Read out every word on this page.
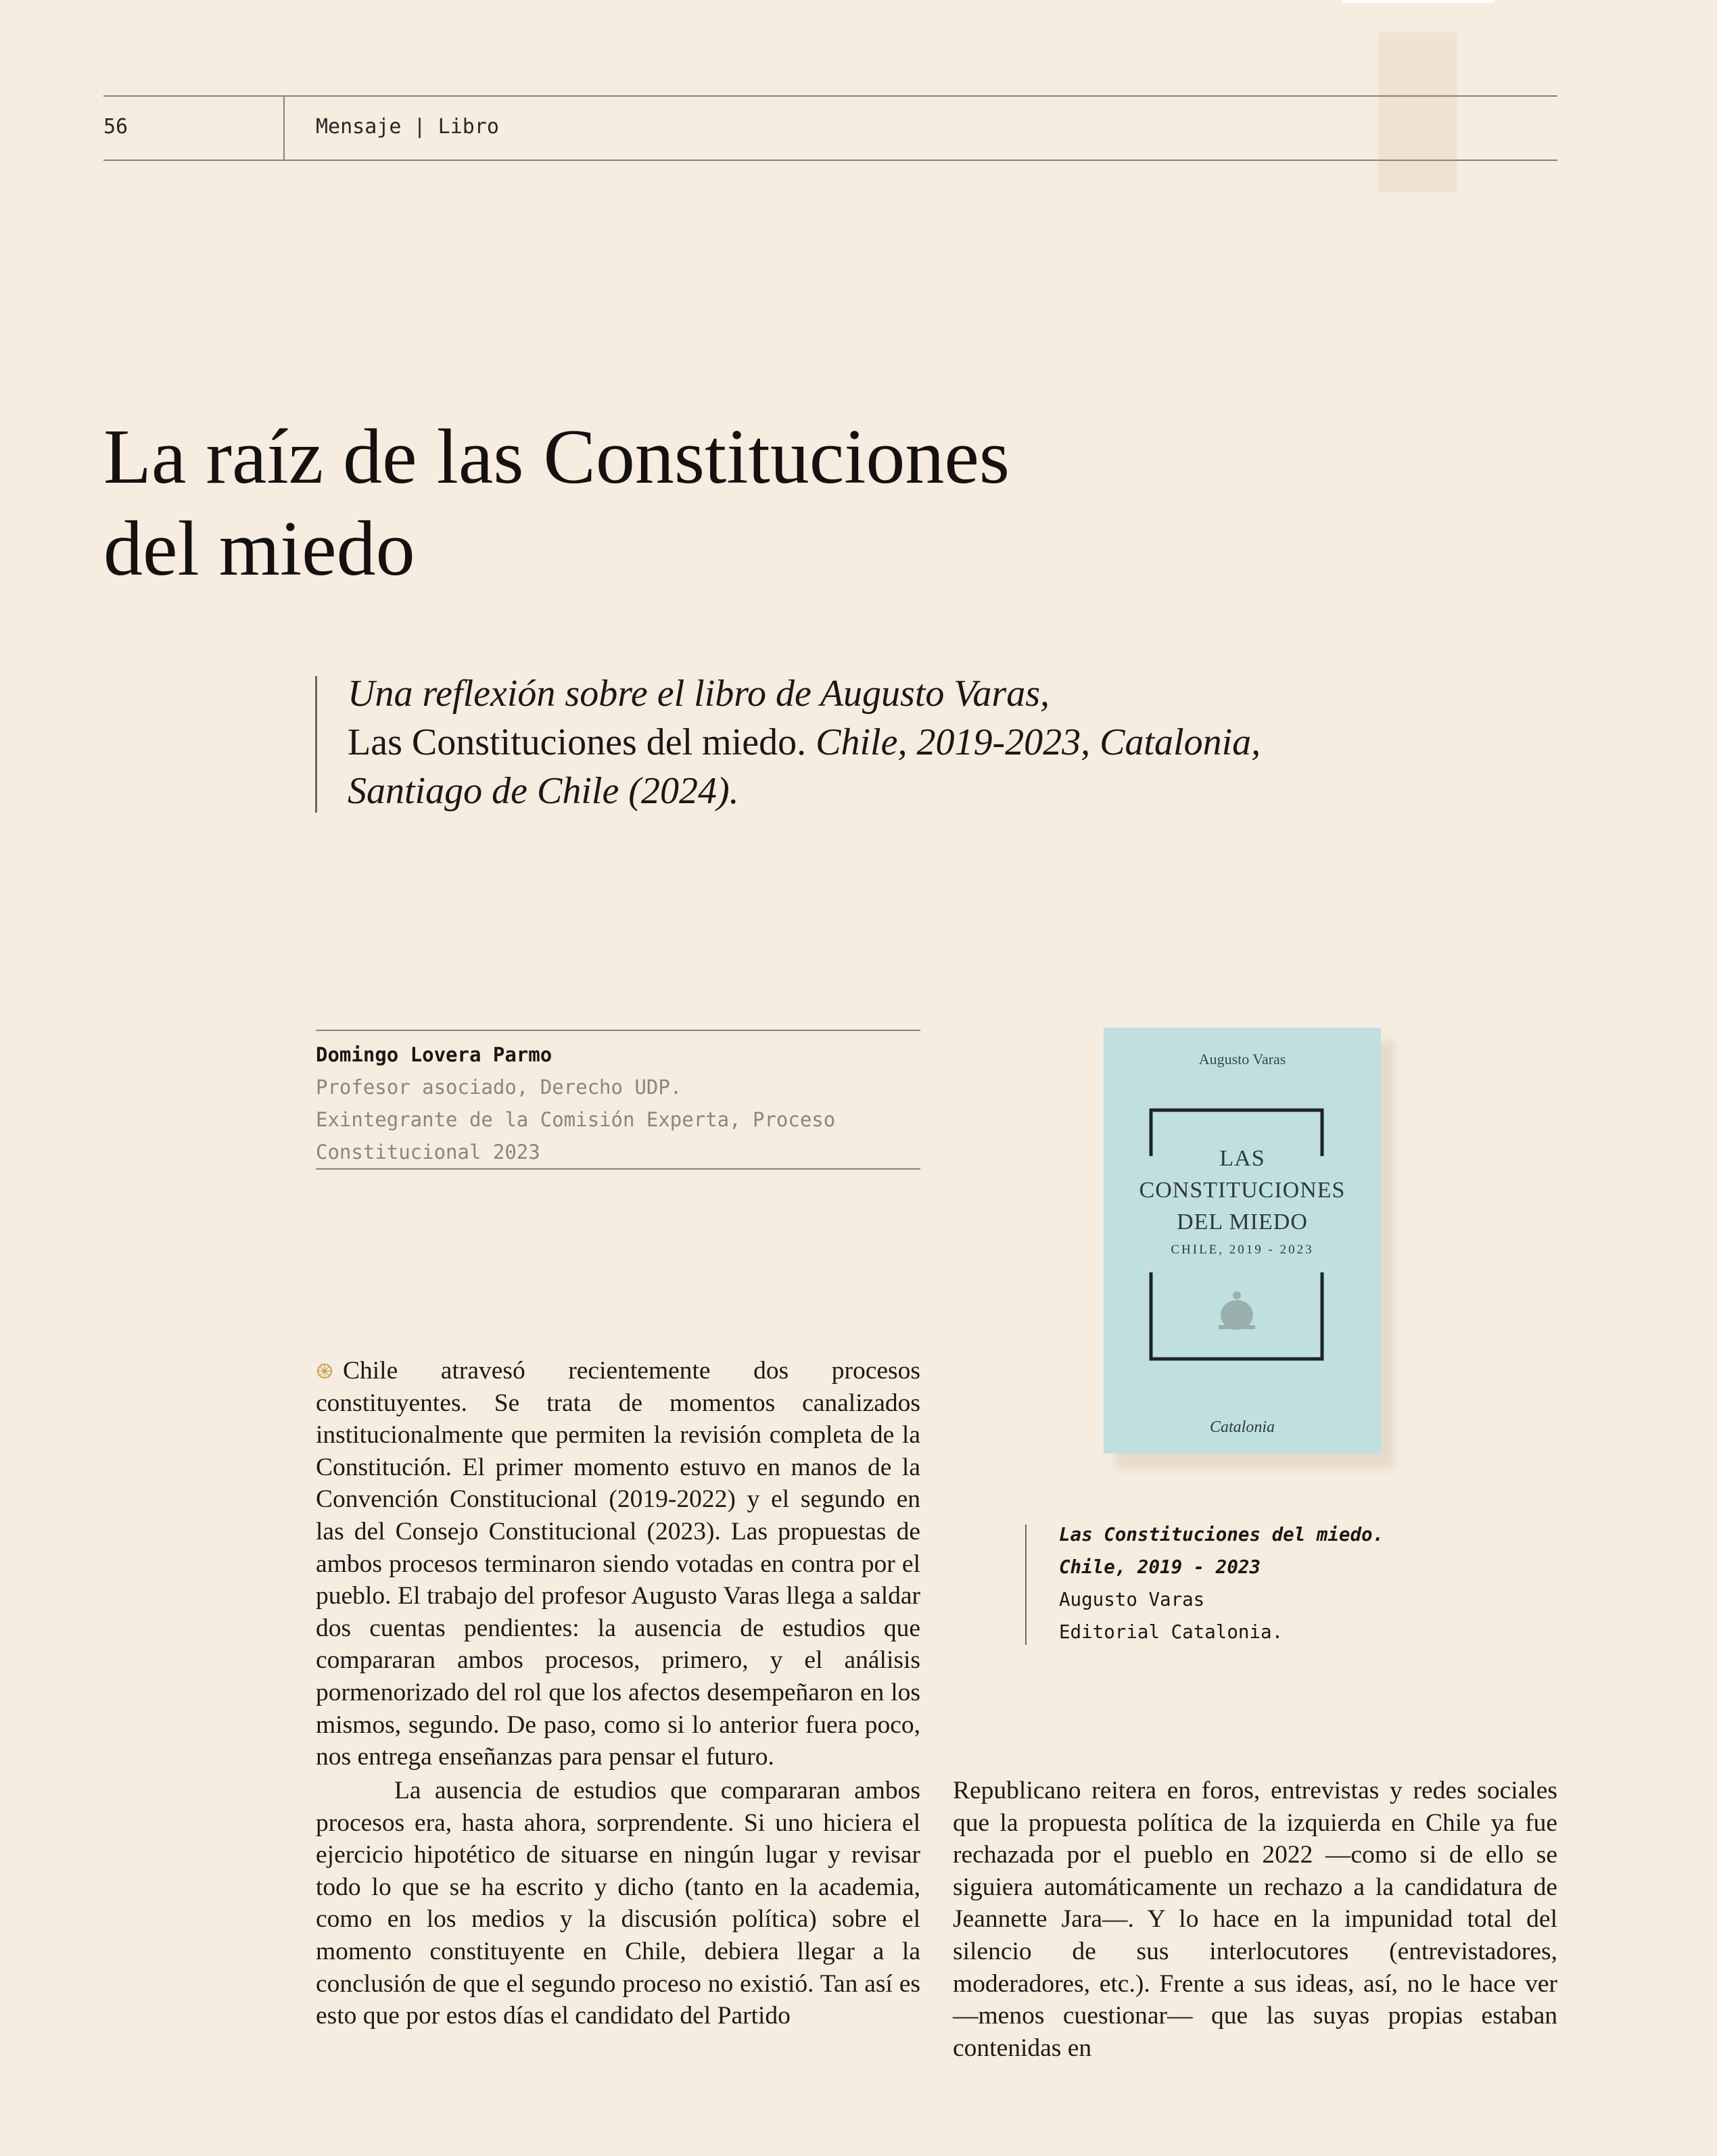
56	Mensaje | Libro
La raíz de las Constituciones
del miedo
Una reflexión sobre el libro de Augusto Varas,
Las Constituciones del miedo. Chile, 2019-2023, Catalonia,
Santiago de Chile (2024).
Domingo Lovera Parmo
Profesor asociado, Derecho UDP.
Exintegrante de la Comisión Experta, Proceso
Constitucional 2023
Augusto Varas
LAS
CONSTITUCIONES
DEL MIEDO
CHILE, 2019 - 2023
Catalonia
Las Constituciones del miedo.
Chile, 2019 - 2023
Augusto Varas
Editorial Catalonia.

Chile atravesó recientemente dos procesos constituyentes. Se trata de momentos canalizados institucionalmente que permiten la revisión completa de la Constitución. El primer momento estuvo en manos de la Convención Constitucional (2019-2022) y el segundo en las del Consejo Constitucional (2023). Las propuestas de ambos procesos terminaron siendo votadas en contra por el pueblo. El trabajo del profesor Augusto Varas llega a saldar dos cuentas pendientes: la ausencia de estudios que compararan ambos procesos, primero, y el análisis pormenorizado del rol que los afectos desempeñaron en los mismos, segundo. De paso, como si lo anterior fuera poco, nos entrega enseñanzas para pensar el futuro.

La ausencia de estudios que compararan ambos procesos era, hasta ahora, sorprendente. Si uno hiciera el ejercicio hipotético de situarse en ningún lugar y revisar todo lo que se ha escrito y dicho (tanto en la academia, como en los medios y la discusión política) sobre el momento constituyente en Chile, debiera llegar a la conclusión de que el segundo proceso no existió. Tan así es esto que por estos días el candidato del Partido

Republicano reitera en foros, entrevistas y redes sociales que la propuesta política de la izquierda en Chile ya fue rechazada por el pueblo en 2022 —como si de ello se siguiera automáticamente un rechazo a la candidatura de Jeannette Jara—. Y lo hace en la impunidad total del silencio de sus interlocutores (entrevistadores, moderadores, etc.). Frente a sus ideas, así, no le hace ver —menos cuestionar— que las suyas propias estaban contenidas en
